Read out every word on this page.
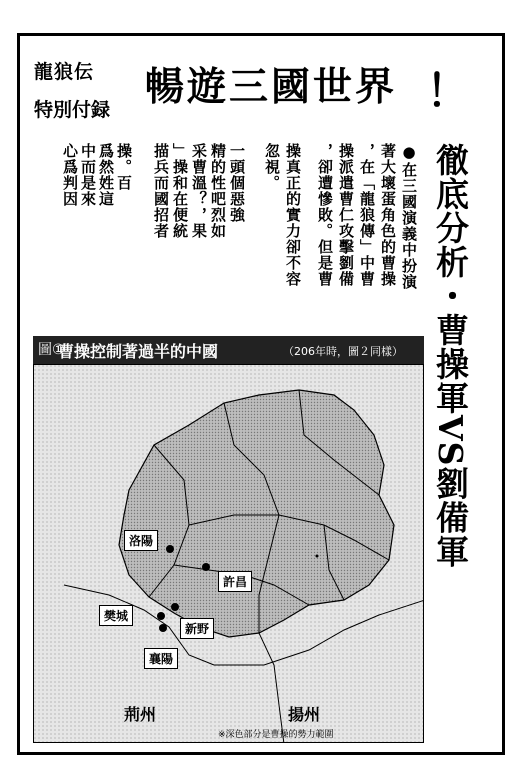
龍狼伝
特別付録 暢遊三國世界 ！
徹底分析・曹操軍VS劉備軍
●在三國演義中扮演
著大壞蛋角色的曹操
，在「龍狼傳」中曹
操派遣曹仁攻擊劉備
，卻遭慘敗。但是曹
操真正的實力卻不容
忽視。
一頭個惡強
精的性吧烈如
采曹溫？，果
」操和在便統
描兵而國招者
操。百
爲然姓這
中而是來
心爲判因
圖①
曹操控制著過半的中國	（206年時，圖２同樣）
洛陽
許昌
樊城
新野
襄陽
荊州	揚州
※深色部分是曹操的勢力範圍
